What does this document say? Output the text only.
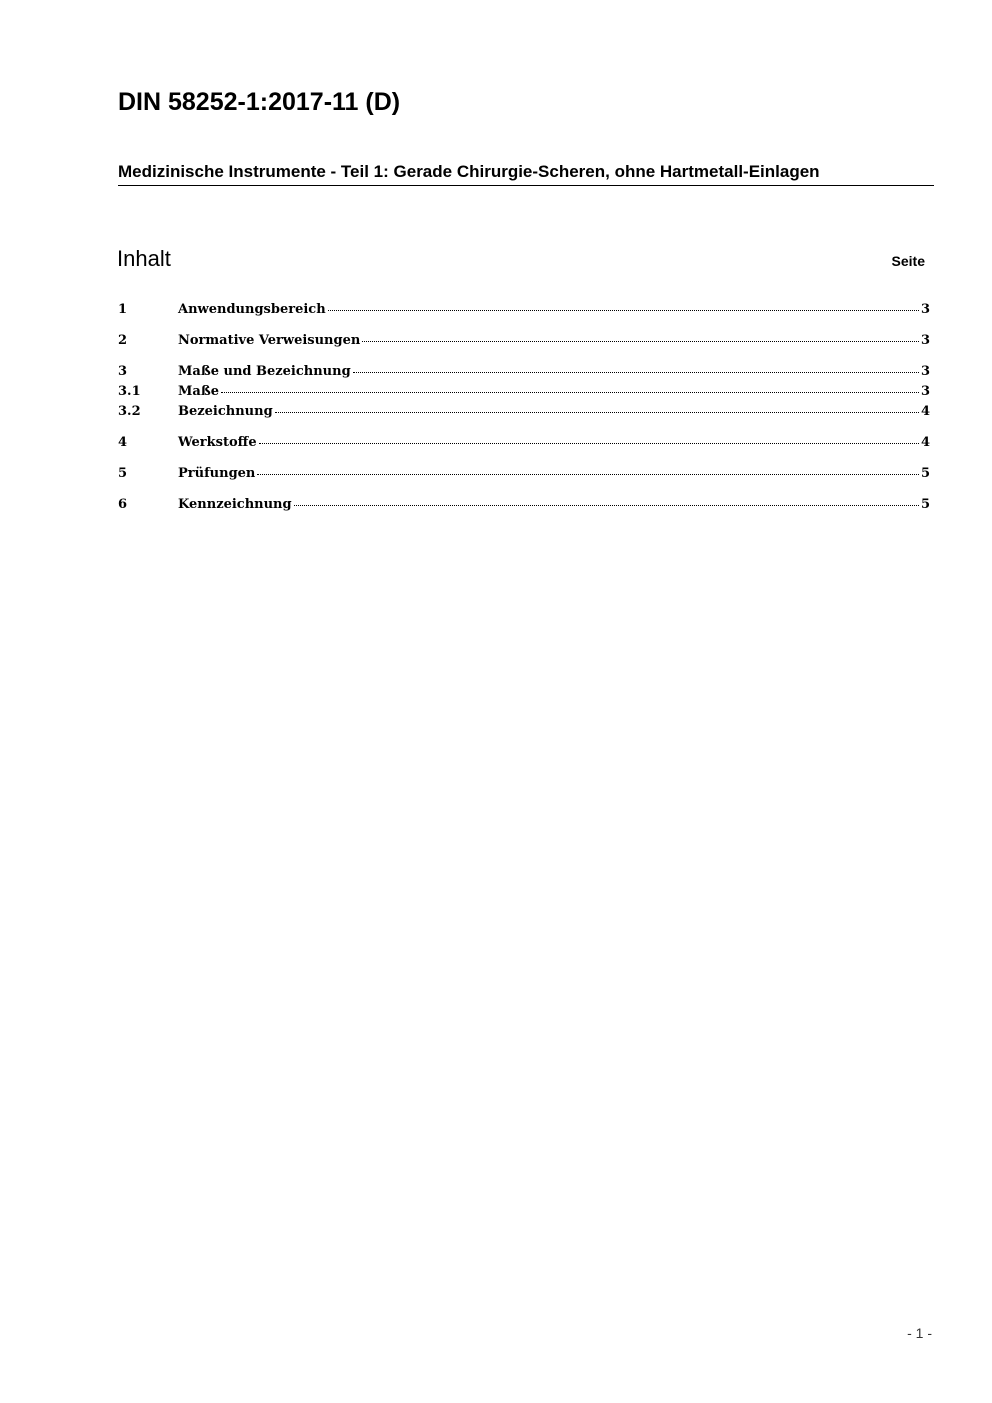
DIN 58252-1:2017-11 (D)
Medizinische Instrumente - Teil 1: Gerade Chirurgie-Scheren, ohne Hartmetall-Einlagen
Inhalt	Seite
1	Anwendungsbereich	3
2	Normative Verweisungen	3
3	Maße und Bezeichnung	3
3.1	Maße	3
3.2	Bezeichnung	4
4	Werkstoffe	4
5	Prüfungen	5
6	Kennzeichnung	5
- 1 -
